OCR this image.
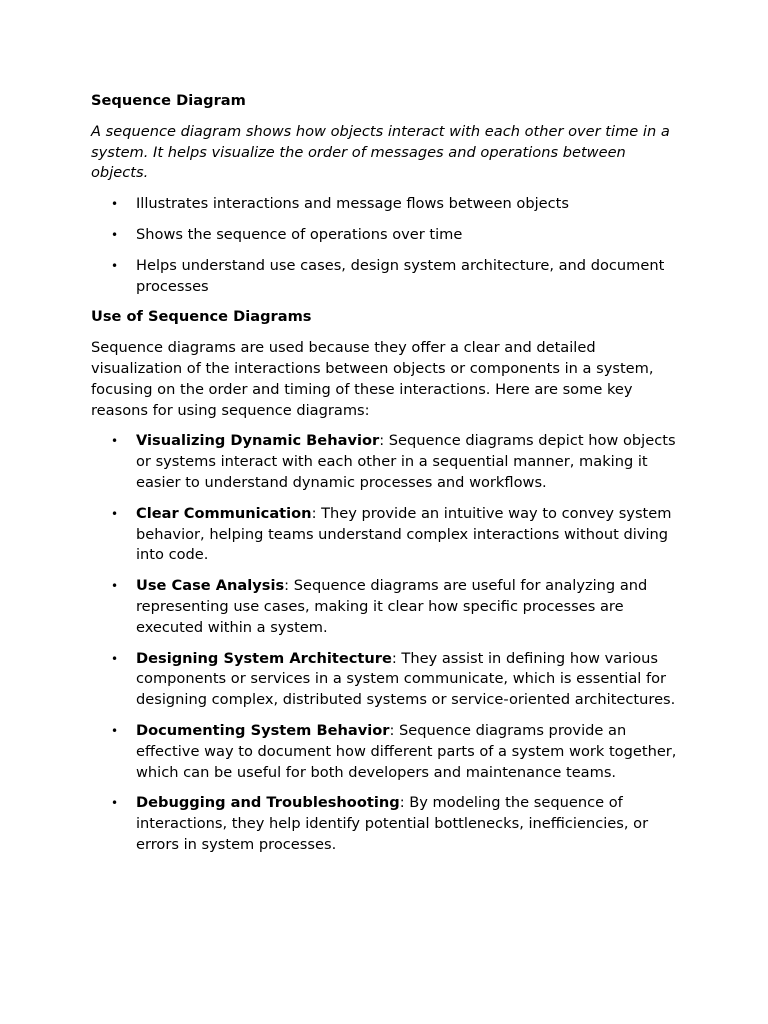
Sequence Diagram

A sequence diagram shows how objects interact with each other over time in a system. It helps visualize the order of messages and operations between objects.

• Illustrates interactions and message flows between objects
• Shows the sequence of operations over time
• Helps understand use cases, design system architecture, and document processes
Use of Sequence Diagrams

Sequence diagrams are used because they offer a clear and detailed visualization of the interactions between objects or components in a system, focusing on the order and timing of these interactions. Here are some key reasons for using sequence diagrams:

• Visualizing Dynamic Behavior: Sequence diagrams depict how objects or systems interact with each other in a sequential manner, making it easier to understand dynamic processes and workflows.
• Clear Communication: They provide an intuitive way to convey system behavior, helping teams understand complex interactions without diving into code.
• Use Case Analysis: Sequence diagrams are useful for analyzing and representing use cases, making it clear how specific processes are executed within a system.
• Designing System Architecture: They assist in defining how various components or services in a system communicate, which is essential for designing complex, distributed systems or service-oriented architectures.
• Documenting System Behavior: Sequence diagrams provide an effective way to document how different parts of a system work together, which can be useful for both developers and maintenance teams.
• Debugging and Troubleshooting: By modeling the sequence of interactions, they help identify potential bottlenecks, inefficiencies, or errors in system processes.
